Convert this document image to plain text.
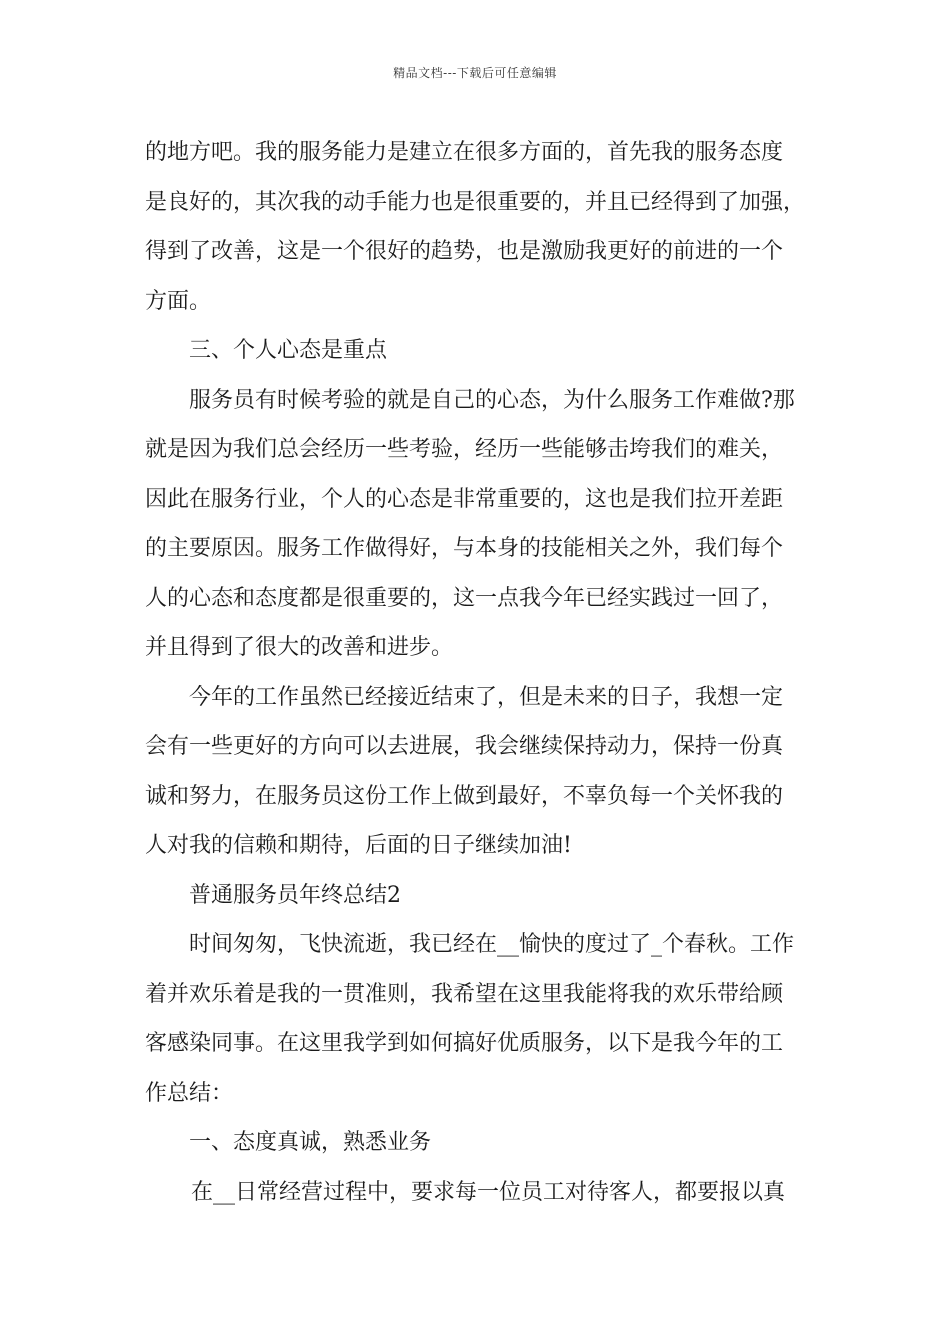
精品文档---下载后可任意编辑

的地方吧。我的服务能力是建立在很多方面的，首先我的服务态度

是良好的，其次我的动手能力也是很重要的，并且已经得到了加强，

得到了改善，这是一个很好的趋势，也是激励我更好的前进的一个

方面。

三、个人心态是重点

服务员有时候考验的就是自己的心态，为什么服务工作难做?那

就是因为我们总会经历一些考验，经历一些能够击垮我们的难关，

因此在服务行业，个人的心态是非常重要的，这也是我们拉开差距

的主要原因。服务工作做得好，与本身的技能相关之外，我们每个

人的心态和态度都是很重要的，这一点我今年已经实践过一回了，

并且得到了很大的改善和进步。

今年的工作虽然已经接近结束了，但是未来的日子，我想一定

会有一些更好的方向可以去进展，我会继续保持动力，保持一份真

诚和努力，在服务员这份工作上做到最好，不辜负每一个关怀我的

人对我的信赖和期待，后面的日子继续加油!

普通服务员年终总结2

时间匆匆，飞快流逝，我已经在__愉快的度过了_个春秋。工作

着并欢乐着是我的一贯准则，我希望在这里我能将我的欢乐带给顾

客感染同事。在这里我学到如何搞好优质服务，以下是我今年的工

作总结：

一、态度真诚，熟悉业务

在__日常经营过程中，要求每一位员工对待客人，都要报以真
